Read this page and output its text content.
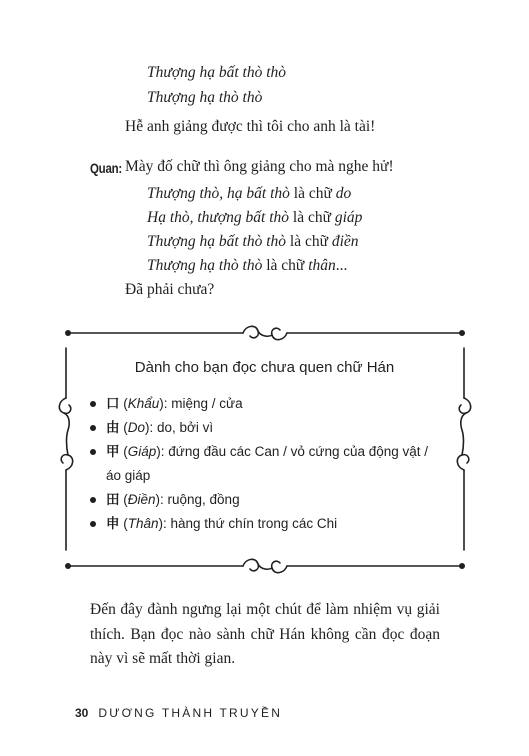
Thượng hạ bất thò thò
Thượng hạ thò thò
Hễ anh giảng được thì tôi cho anh là tài!
Quan: Mày đố chữ thì ông giảng cho mà nghe hử!
Thượng thò, hạ bất thò là chữ do
Hạ thò, thượng bất thò là chữ giáp
Thượng hạ bất thò thò là chữ điền
Thượng hạ thò thò là chữ thân...
Đã phải chưa?
Dành cho bạn đọc chưa quen chữ Hán
口 (Khẩu): miệng / cửa
由 (Do): do, bởi vì
甲 (Giáp): đứng đầu các Can / vỏ cứng của động vật / áo giáp
田 (Điền): ruộng, đồng
申 (Thân): hàng thứ chín trong các Chi
Đến đây đành ngưng lại một chút để làm nhiệm vụ giải thích. Bạn đọc nào sành chữ Hán không cần đọc đoạn này vì sẽ mất thời gian.
30 DƯƠNG THÀNH TRUYỀN
